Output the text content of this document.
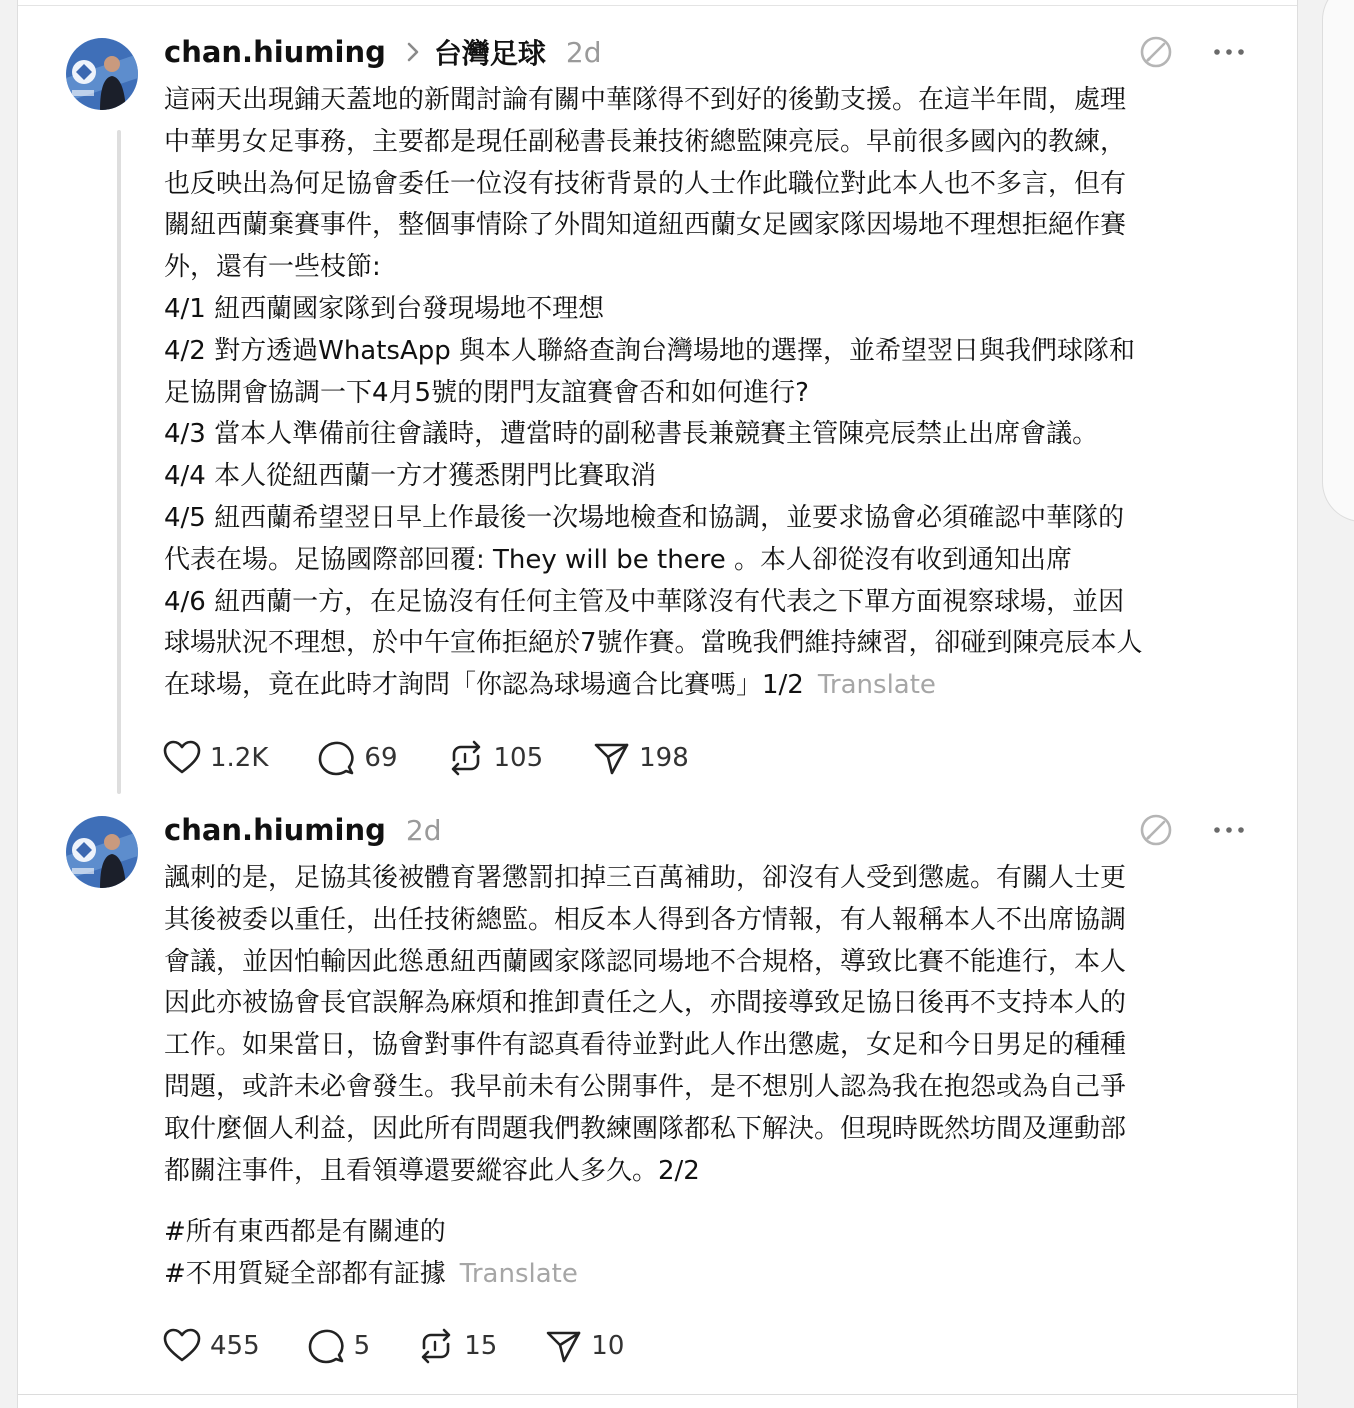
chan.hiuming 台灣足球 2d
這兩天出現鋪天蓋地的新聞討論有關中華隊得不到好的後勤支援。在這半年間，處理
中華男女足事務，主要都是現任副秘書長兼技術總監陳亮辰。早前很多國內的教練，
也反映出為何足協會委任一位沒有技術背景的人士作此職位對此本人也不多言，但有
關紐西蘭棄賽事件，整個事情除了外間知道紐西蘭女足國家隊因場地不理想拒絕作賽
外，還有一些枝節:
4/1 紐西蘭國家隊到台發現場地不理想
4/2 對方透過WhatsApp 與本人聯絡查詢台灣場地的選擇，並希望翌日與我們球隊和
足協開會協調一下4月5號的閉門友誼賽會否和如何進行?
4/3 當本人準備前往會議時，遭當時的副秘書長兼競賽主管陳亮辰禁止出席會議。
4/4 本人從紐西蘭一方才獲悉閉門比賽取消
4/5 紐西蘭希望翌日早上作最後一次場地檢查和協調，並要求協會必須確認中華隊的
代表在場。足協國際部回覆: They will be there 。本人卻從沒有收到通知出席
4/6 紐西蘭一方，在足協沒有任何主管及中華隊沒有代表之下單方面視察球場，並因
球場狀況不理想，於中午宣佈拒絕於7號作賽。當晚我們維持練習，卻碰到陳亮辰本人
在球場，竟在此時才詢問「你認為球場適合比賽嗎」1/2 Translate
1.2K	69	105	198
chan.hiuming 2d
諷刺的是，足協其後被體育署懲罰扣掉三百萬補助，卻沒有人受到懲處。有關人士更
其後被委以重任，出任技術總監。相反本人得到各方情報，有人報稱本人不出席協調
會議，並因怕輸因此慫恿紐西蘭國家隊認同場地不合規格，導致比賽不能進行，本人
因此亦被協會長官誤解為麻煩和推卸責任之人，亦間接導致足協日後再不支持本人的
工作。如果當日，協會對事件有認真看待並對此人作出懲處，女足和今日男足的種種
問題，或許未必會發生。我早前未有公開事件，是不想別人認為我在抱怨或為自己爭
取什麼個人利益，因此所有問題我們教練團隊都私下解決。但現時既然坊間及運動部
都關注事件，且看領導還要縱容此人多久。2/2
#所有東西都是有關連的
#不用質疑全部都有証據 Translate
455	5	15	10
